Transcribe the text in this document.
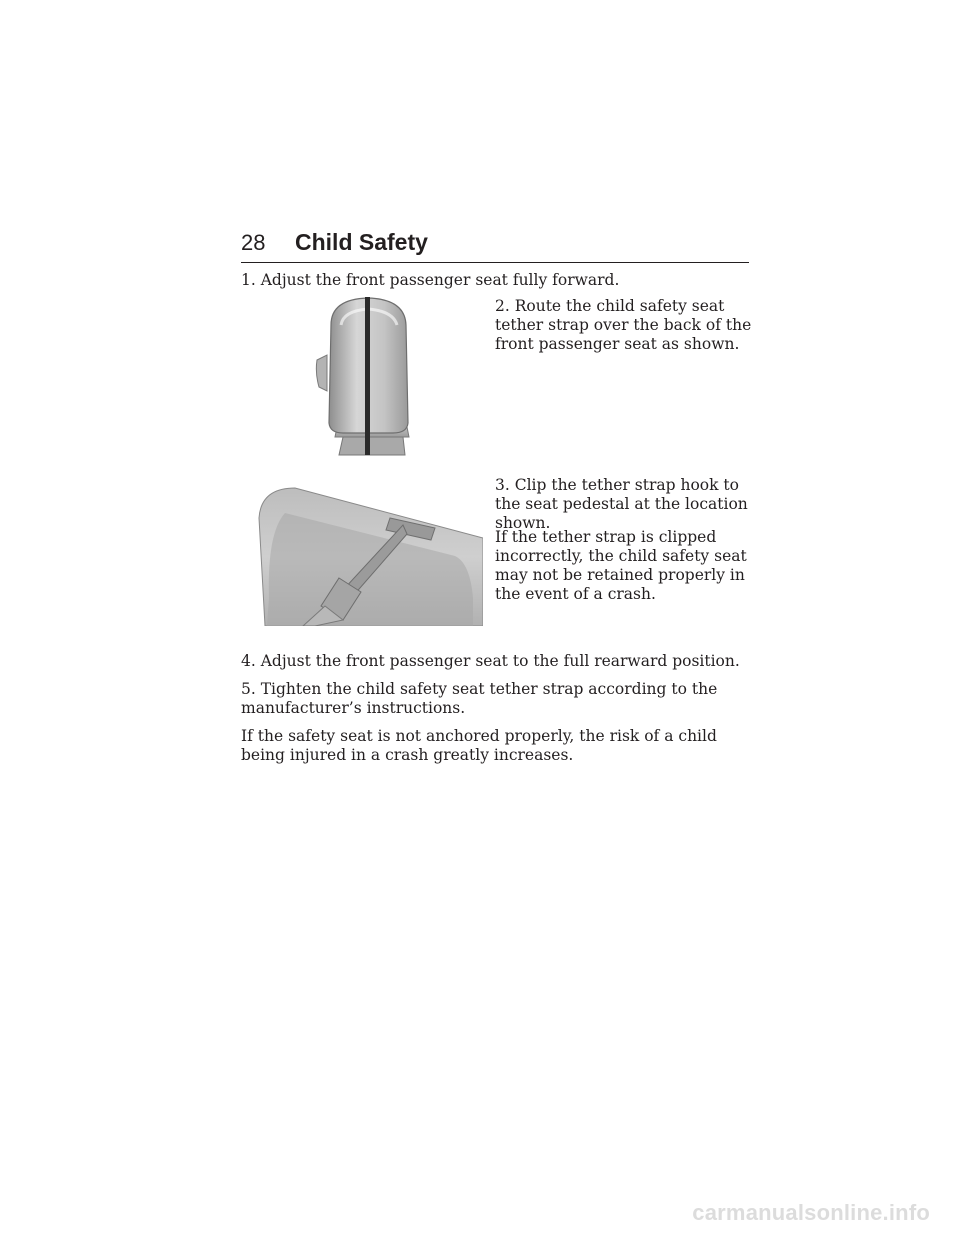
28 Child Safety

1. Adjust the front passenger seat fully forward.

2. Route the child safety seat tether strap over the back of the front passenger seat as shown.

3. Clip the tether strap hook to the seat pedestal at the location shown.

If the tether strap is clipped incorrectly, the child safety seat may not be retained properly in the event of a crash.

4. Adjust the front passenger seat to the full rearward position.

5. Tighten the child safety seat tether strap according to the manufacturer’s instructions.

If the safety seat is not anchored properly, the risk of a child being injured in a crash greatly increases.

carmanualsonline.info
